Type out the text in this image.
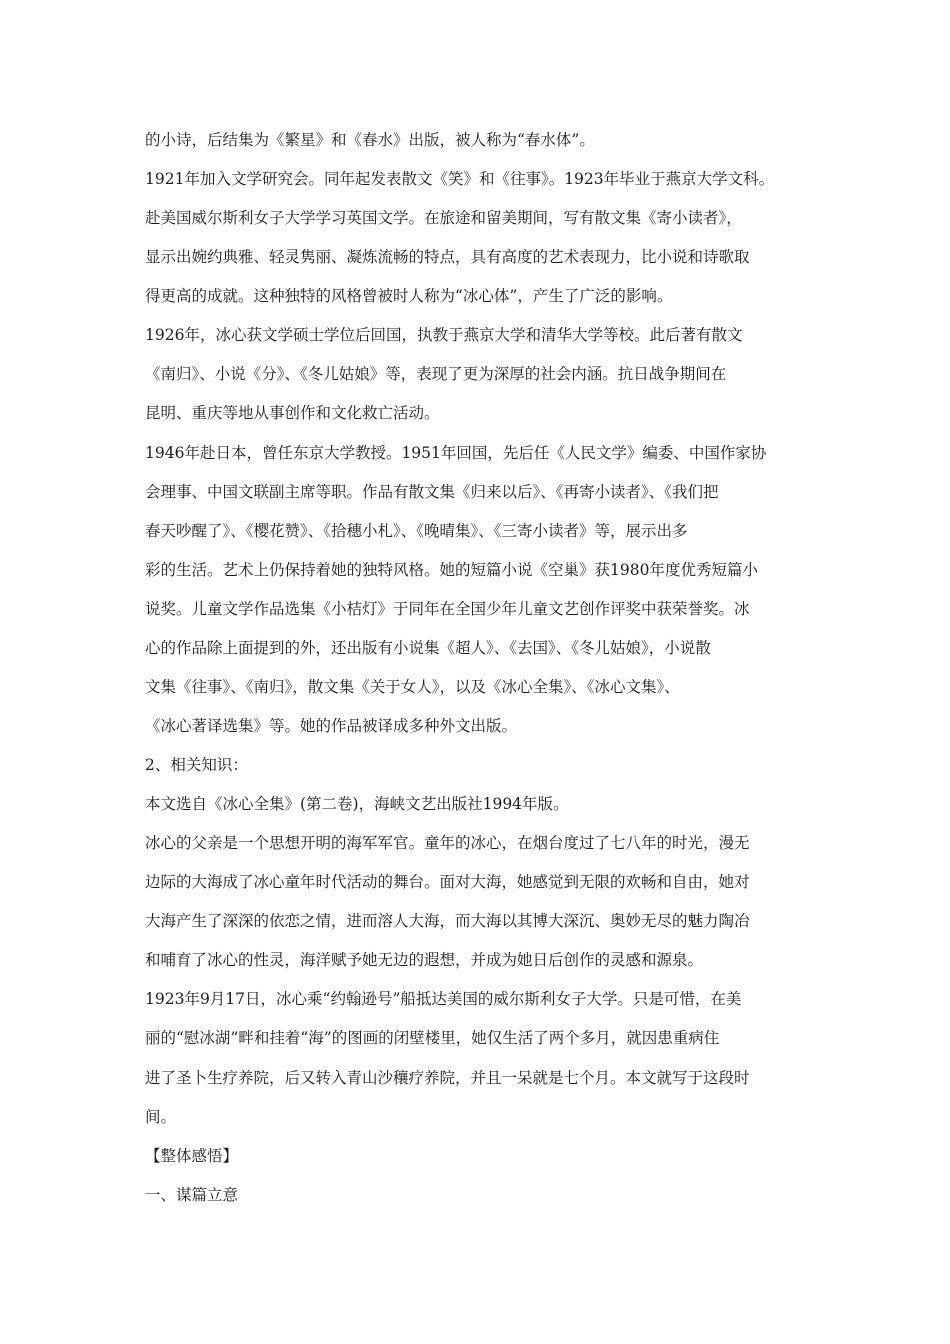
的小诗，后结集为《繁星》和《春水》出版，被人称为“春水体”。
1921年加入文学研究会。同年起发表散文《笑》和《往事》。1923年毕业于燕京大学文科。
赴美国威尔斯利女子大学学习英国文学。在旅途和留美期间，写有散文集《寄小读者》，
显示出婉约典雅、轻灵隽丽、凝炼流畅的特点，具有高度的艺术表现力，比小说和诗歌取
得更高的成就。这种独特的风格曾被时人称为“冰心体”，产生了广泛的影响。
1926年，冰心获文学硕士学位后回国，执教于燕京大学和清华大学等校。此后著有散文
《南归》、小说《分》、《冬儿姑娘》等，表现了更为深厚的社会内涵。抗日战争期间在
昆明、重庆等地从事创作和文化救亡活动。
1946年赴日本，曾任东京大学教授。1951年回国，先后任《人民文学》编委、中国作家协
会理事、中国文联副主席等职。作品有散文集《归来以后》、《再寄小读者》、《我们把
春天吵醒了》、《樱花赞》、《拾穗小札》、《晚晴集》、《三寄小读者》等，展示出多
彩的生活。艺术上仍保持着她的独特风格。她的短篇小说《空巢》获1980年度优秀短篇小
说奖。儿童文学作品选集《小桔灯》于同年在全国少年儿童文艺创作评奖中获荣誉奖。冰
心的作品除上面提到的外，还出版有小说集《超人》、《去国》、《冬儿姑娘》，小说散
文集《往事》、《南归》，散文集《关于女人》，以及《冰心全集》、《冰心文集》、
《冰心著译选集》等。她的作品被译成多种外文出版。
2、相关知识：
本文选自《冰心全集》(第二卷)，海峡文艺出版社1994年版。
冰心的父亲是一个思想开明的海军军官。童年的冰心，在烟台度过了七八年的时光，漫无
边际的大海成了冰心童年时代活动的舞台。面对大海，她感觉到无限的欢畅和自由，她对
大海产生了深深的依恋之情，进而溶人大海，而大海以其博大深沉、奥妙无尽的魅力陶冶
和哺育了冰心的性灵，海洋赋予她无边的遐想，并成为她日后创作的灵感和源泉。
1923年9月17日，冰心乘“约翰逊号”船抵达美国的威尔斯利女子大学。只是可惜，在美
丽的“慰冰湖”畔和挂着“海”的图画的闭壁楼里，她仅生活了两个多月，就因患重病住
进了圣卜生疗养院，后又转入青山沙穰疗养院，并且一呆就是七个月。本文就写于这段时
间。
【整体感悟】
一、谋篇立意
